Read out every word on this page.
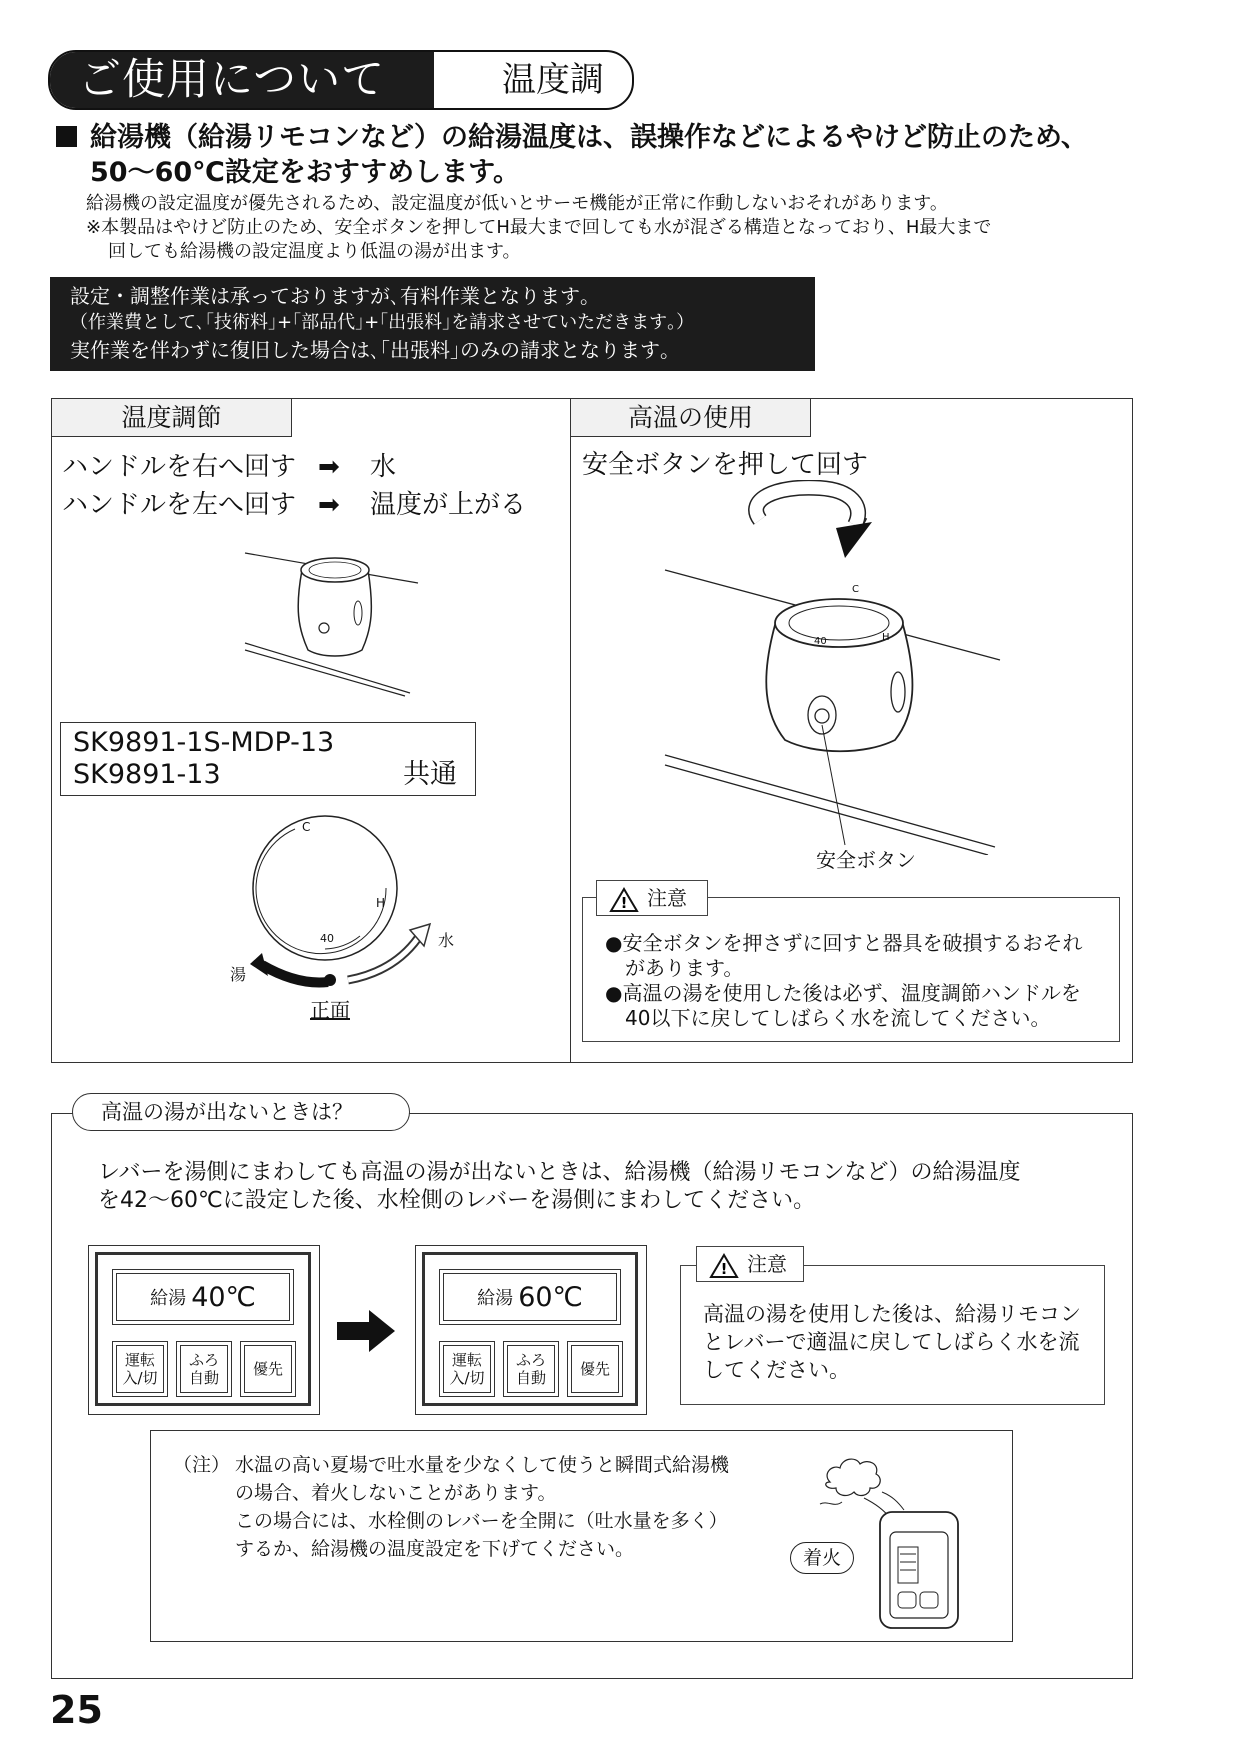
ご使用について	温度調
給湯機（給湯リモコンなど）の給湯温度は、誤操作などによるやけど防止のため、
50〜60℃設定をおすすめします。
給湯機の設定温度が優先されるため、設定温度が低いとサーモ機能が正常に作動しないおそれがあります。
※本製品はやけど防止のため、安全ボタンを押してH最大まで回しても水が混ざる構造となっており、H最大まで
回しても給湯機の設定温度より低温の湯が出ます。
設定・調整作業は承っておりますが､有料作業となります｡
（作業費として､｢技術料｣+｢部品代｣+｢出張料｣を請求させていただきます｡）
実作業を伴わずに復旧した場合は､｢出張料｣のみの請求となります｡
温度調節	高温の使用
ハンドルを右へ回す ➡ 水
ハンドルを左へ回す ➡ 温度が上がる
SK9891-1S-MDP-13
SK9891-13	共通
C
H
40	水
湯
正面
安全ボタンを押して回す
C
H
40
安全ボタン
●安全ボタンを押さずに回すと器具を破損するおそれ
があります。
●高温の湯を使用した後は必ず、温度調節ハンドルを
40以下に戻してしばらく水を流してください。
! 注意
高温の湯が出ないときは？
レバーを湯側にまわしても高温の湯が出ないときは、給湯機（給湯リモコンなど）の給湯温度
を42〜60℃に設定した後、水栓側のレバーを湯側にまわしてください。
給湯
40℃
運転
入/切
ふろ
自動 優先
給湯
60℃
運転
入/切
ふろ
自動 優先
高温の湯を使用した後は、給湯リモコン
とレバーで適温に戻してしばらく水を流
してください。
! 注意
（注） 水温の高い夏場で吐水量を少なくして使うと瞬間式給湯機
の場合、着火しないことがあります。
この場合には、水栓側のレバーを全開に（吐水量を多く）
するか、給湯機の温度設定を下げてください。	着火
25
